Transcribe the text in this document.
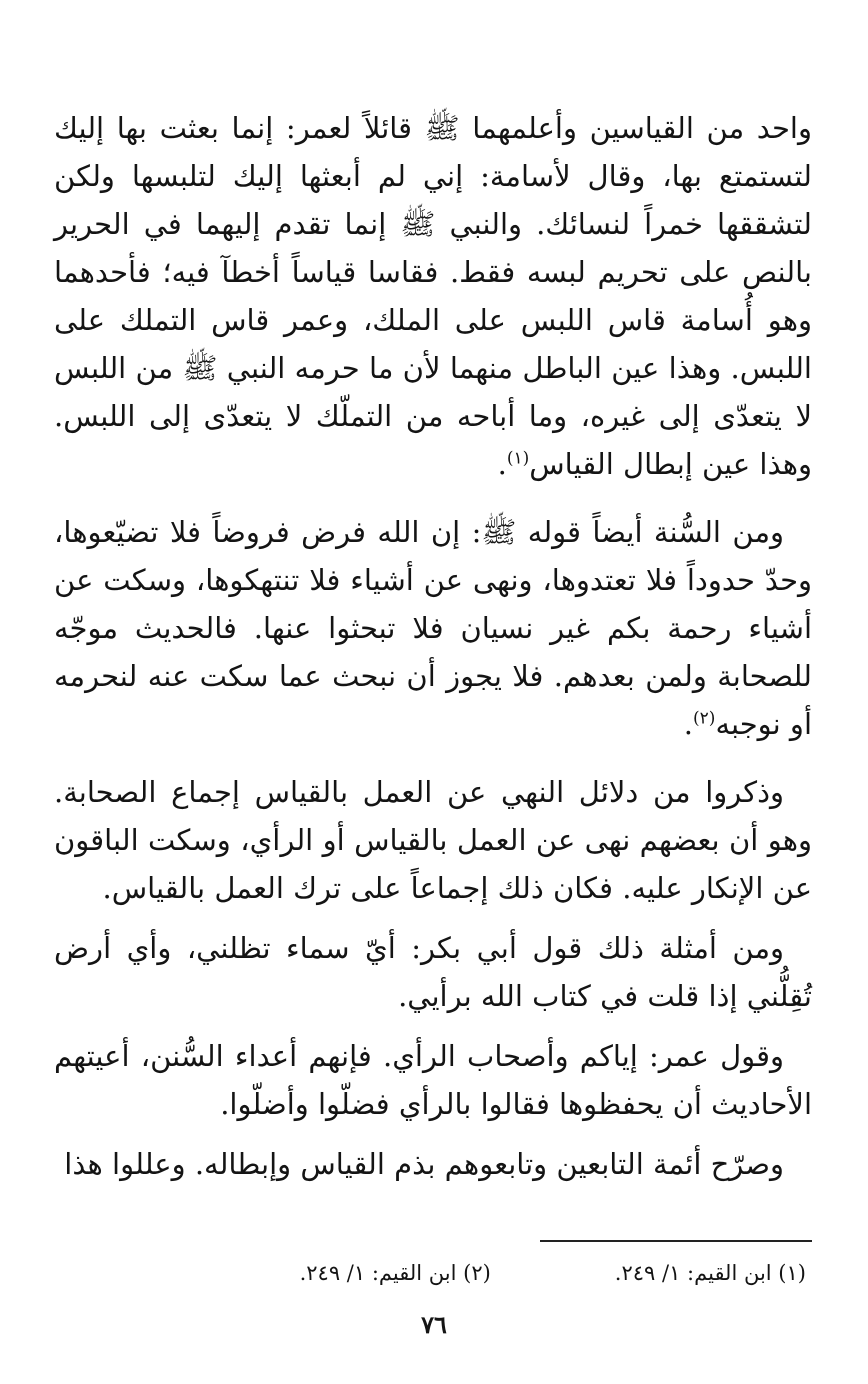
واحد من القياسين وأعلمهما ﷺ قائلاً لعمر: إنما بعثت بها إليك لتستمتع بها، وقال لأسامة: إني لم أبعثها إليك لتلبسها ولكن لتشققها خمراً لنسائك. والنبي ﷺ إنما تقدم إليهما في الحرير بالنص على تحريم لبسه فقط. فقاسا قياساً أخطآ فيه؛ فأحدهما وهو أُسامة قاس اللبس على الملك، وعمر قاس التملك على اللبس. وهذا عين الباطل منهما لأن ما حرمه النبي ﷺ من اللبس لا يتعدّى إلى غيره، وما أباحه من التملّك لا يتعدّى إلى اللبس. وهذا عين إبطال القياس$^{(١)}$.

ومن السُّنة أيضاً قوله ﷺ: إن الله فرض فروضاً فلا تضيّعوها، وحدّ حدوداً فلا تعتدوها، ونهى عن أشياء فلا تنتهكوها، وسكت عن أشياء رحمة بكم غير نسيان فلا تبحثوا عنها. فالحديث موجّه للصحابة ولمن بعدهم. فلا يجوز أن نبحث عما سكت عنه لنحرمه أو نوجبه$^{(٢)}$.

وذكروا من دلائل النهي عن العمل بالقياس إجماع الصحابة. وهو أن بعضهم نهى عن العمل بالقياس أو الرأي، وسكت الباقون عن الإنكار عليه. فكان ذلك إجماعاً على ترك العمل بالقياس.

ومن أمثلة ذلك قول أبي بكر: أيّ سماء تظلني، وأي أرض تُقِلُّني إذا قلت في كتاب الله برأيي.

وقول عمر: إياكم وأصحاب الرأي. فإنهم أعداء السُّنن، أعيتهم الأحاديث أن يحفظوها فقالوا بالرأي فضلّوا وأضلّوا.

وصرّح أئمة التابعين وتابعوهم بذم القياس وإبطاله. وعللوا هذا

(١) ابن القيم: ١/ ٢٤٩.
(٢) ابن القيم: ١/ ٢٤٩.
٧٦
